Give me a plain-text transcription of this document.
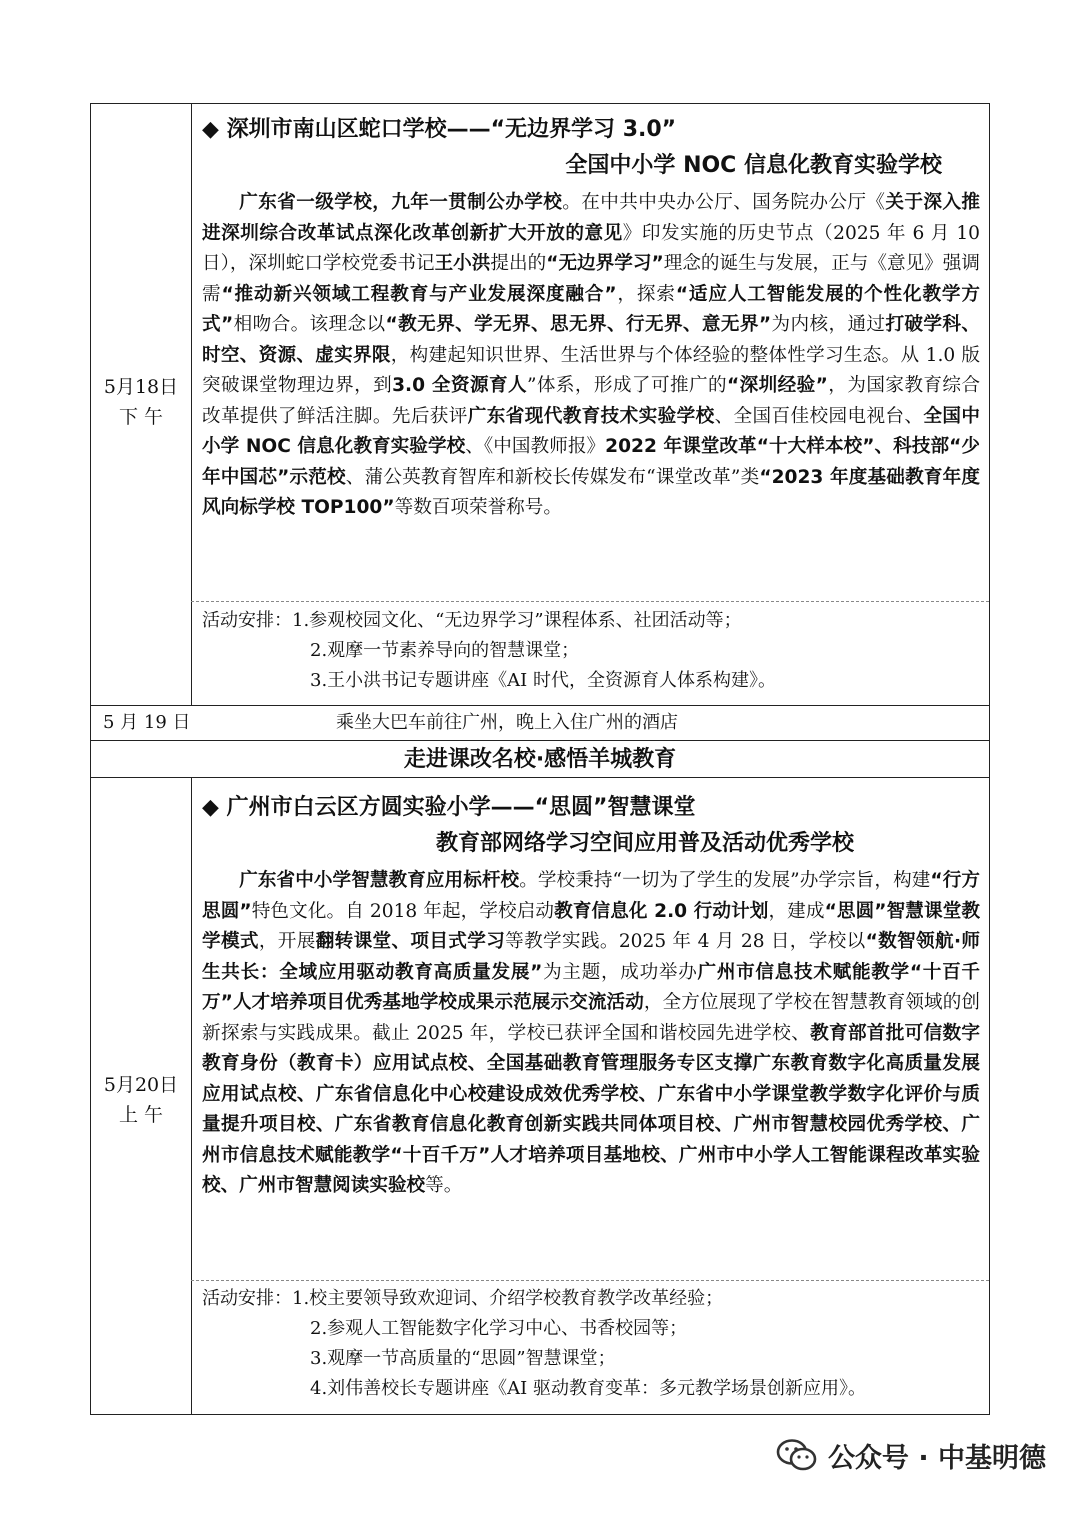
5月18日
下 午
◆ 深圳市南山区蛇口学校——“无边界学习 3.0”
全国中小学 NOC 信息化教育实验学校
广东省一级学校，九年一贯制公办学校。在中共中央办公厅、国务院办公厅《关于深入推进深圳综合改革试点深化改革创新扩大开放的意见》印发实施的历史节点（2025 年 6 月 10 日），深圳蛇口学校党委书记王小洪提出的“无边界学习”理念的诞生与发展，正与《意见》强调需“推动新兴领域工程教育与产业发展深度融合”，探索“适应人工智能发展的个性化教学方式”相吻合。该理念以“教无界、学无界、思无界、行无界、意无界”为内核，通过打破学科、时空、资源、虚实界限，构建起知识世界、生活世界与个体经验的整体性学习生态。从 1.0 版突破课堂物理边界，到3.0 全资源育人”体系，形成了可推广的“深圳经验”，为国家教育综合改革提供了鲜活注脚。先后获评广东省现代教育技术实验学校、全国百佳校园电视台、全国中小学 NOC 信息化教育实验学校、《中国教师报》2022 年课堂改革“十大样本校”、科技部“少年中国芯”示范校、蒲公英教育智库和新校长传媒发布“课堂改革”类“2023 年度基础教育年度风向标学校 TOP100”等数百项荣誉称号。
活动安排：1.参观校园文化、“无边界学习”课程体系、社团活动等；
2.观摩一节素养导向的智慧课堂；
3.王小洪书记专题讲座《AI 时代，全资源育人体系构建》。
5 月 19 日	乘坐大巴车前往广州，晚上入住广州的酒店
走进课改名校·感悟羊城教育
5月20日
上 午
◆ 广州市白云区方圆实验小学——“思圆”智慧课堂
教育部网络学习空间应用普及活动优秀学校
广东省中小学智慧教育应用标杆校。学校秉持“一切为了学生的发展”办学宗旨，构建“行方思圆”特色文化。自 2018 年起，学校启动教育信息化 2.0 行动计划，建成“思圆”智慧课堂教学模式，开展翻转课堂、项目式学习等教学实践。2025 年 4 月 28 日，学校以“数智领航·师生共长：全域应用驱动教育高质量发展”为主题，成功举办广州市信息技术赋能教学“十百千万”人才培养项目优秀基地学校成果示范展示交流活动，全方位展现了学校在智慧教育领域的创新探索与实践成果。截止 2025 年，学校已获评全国和谐校园先进学校、教育部首批可信数字教育身份（教育卡）应用试点校、全国基础教育管理服务专区支撑广东教育数字化高质量发展应用试点校、广东省信息化中心校建设成效优秀学校、广东省中小学课堂教学数字化评价与质量提升项目校、广东省教育信息化教育创新实践共同体项目校、广州市智慧校园优秀学校、广州市信息技术赋能教学“十百千万”人才培养项目基地校、广州市中小学人工智能课程改革实验校、广州市智慧阅读实验校等。
活动安排：1.校主要领导致欢迎词、介绍学校教育教学改革经验；
2.参观人工智能数字化学习中心、书香校园等；
3.观摩一节高质量的“思圆”智慧课堂；
4.刘伟善校长专题讲座《AI 驱动教育变革：多元教学场景创新应用》。
公众号 · 中基明德
